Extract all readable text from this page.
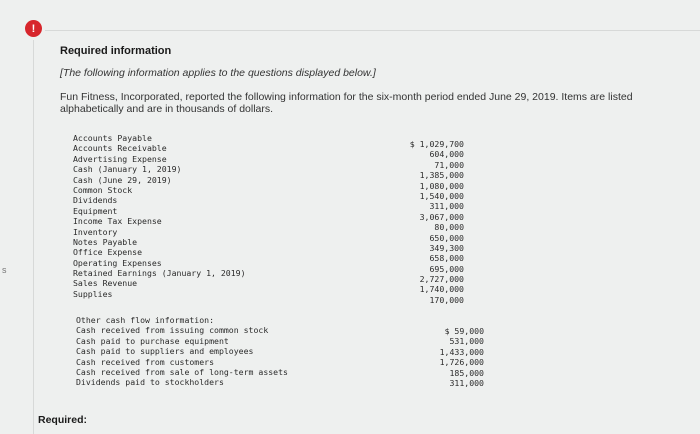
!
s
Required information
[The following information applies to the questions displayed below.]
Fun Fitness, Incorporated, reported the following information for the six-month period ended June 29, 2019. Items are listed alphabetically and are in thousands of dollars.
Accounts Payable
Accounts Receivable
Advertising Expense
Cash (January 1, 2019)
Cash (June 29, 2019)
Common Stock
Dividends
Equipment
Income Tax Expense
Inventory
Notes Payable
Office Expense
Operating Expenses
Retained Earnings (January 1, 2019)
Sales Revenue
Supplies
$ 1,029,700
604,000
71,000
1,385,000
1,080,000
1,540,000
311,000
3,067,000
80,000
650,000
349,300
658,000
695,000
2,727,000
1,740,000
170,000
Other cash flow information:
Cash received from issuing common stock
Cash paid to purchase equipment
Cash paid to suppliers and employees
Cash received from customers
Cash received from sale of long-term assets
Dividends paid to stockholders
$ 59,000
531,000
1,433,000
1,726,000
185,000
311,000
Required:
